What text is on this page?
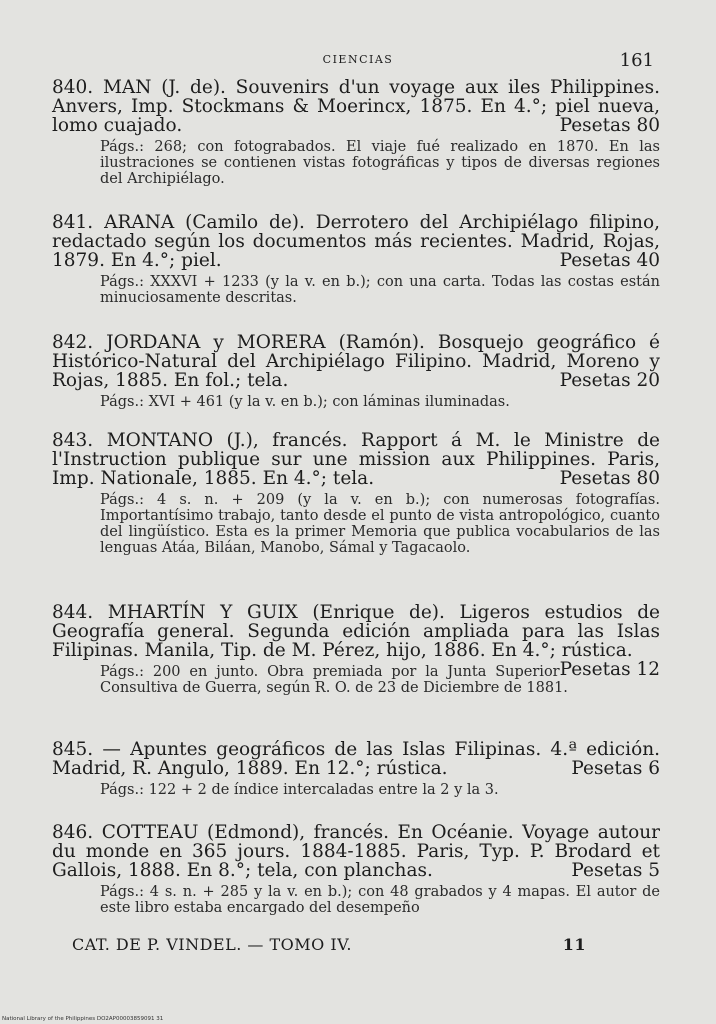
CIENCIAS	161

840. MAN (J. de). Souvenirs d'un voyage aux iles Philippines. Anvers, Imp. Stockmans & Moerincx, 1875. En 4.°; piel nueva, lomo cuajado.	Pesetas 80

Págs.: 268; con fotograbados. El viaje fué realizado en 1870. En las ilustraciones se contienen vistas fotográficas y tipos de diversas regiones del Archipiélago.

841. ARANA (Camilo de). Derrotero del Archipiélago filipino, redactado según los documentos más recientes. Madrid, Rojas, 1879. En 4.°; piel.	Pesetas 40

Págs.: XXXVI + 1233 (y la v. en b.); con una carta. Todas las costas están minuciosamente descritas.

842. JORDANA y MORERA (Ramón). Bosquejo geográfico é Histórico-Natural del Archipiélago Filipino. Madrid, Moreno y Rojas, 1885. En fol.; tela.	Pesetas 20

Págs.: XVI + 461 (y la v. en b.); con láminas iluminadas.

843. MONTANO (J.), francés. Rapport á M. le Ministre de l'Instruction publique sur une mission aux Philippines. Paris, Imp. Nationale, 1885. En 4.°; tela.	Pesetas 80

Págs.: 4 s. n. + 209 (y la v. en b.); con numerosas fotografías. Importantísimo trabajo, tanto desde el punto de vista antropológico, cuanto del lingüístico. Esta es la primer Memoria que publica vocabularios de las lenguas Atáa, Biláan, Manobo, Sámal y Tagacaolo.

844. MHARTÍN Y GUIX (Enrique de). Ligeros estudios de Geografía general. Segunda edición ampliada para las Islas Filipinas. Manila, Tip. de M. Pérez, hijo, 1886. En 4.°; rústica.
Pesetas 12

Págs.: 200 en junto. Obra premiada por la Junta Superior Consultiva de Guerra, según R. O. de 23 de Diciembre de 1881.

845. — Apuntes geográficos de las Islas Filipinas. 4.ª edición. Madrid, R. Angulo, 1889. En 12.°; rústica.	Pesetas 6

Págs.: 122 + 2 de índice intercaladas entre la 2 y la 3.

846. COTTEAU (Edmond), francés. En Océanie. Voyage autour du monde en 365 jours. 1884-1885. Paris, Typ. P. Brodard et Gallois, 1888. En 8.°; tela, con planchas.	Pesetas 5

Págs.: 4 s. n. + 285 y la v. en b.); con 48 grabados y 4 mapas. El autor de este libro estaba encargado del desempeño
CAT. DE P. VINDEL. — TOMO IV.	11
National Library of the Philippines DO2AP00003859091 31
